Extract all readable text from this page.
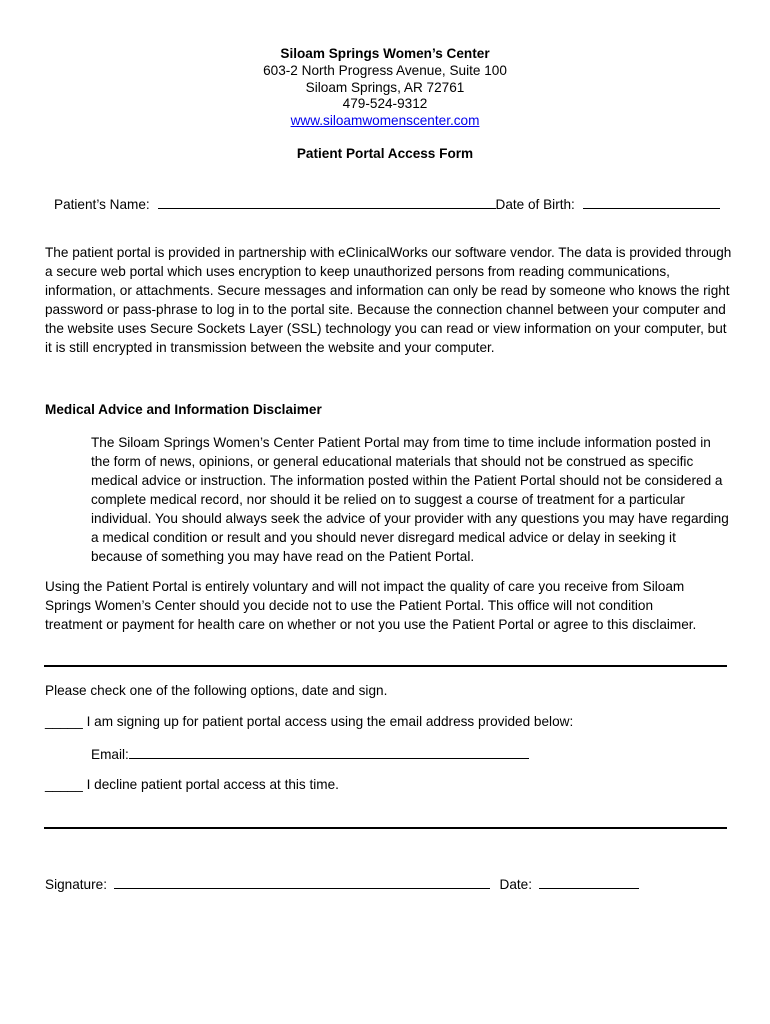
Siloam Springs Women’s Center
603-2 North Progress Avenue, Suite 100
Siloam Springs, AR 72761
479-524-9312
www.siloamwomenscenter.com
Patient Portal Access Form
Patient’s Name:	Date of Birth:
The patient portal is provided in partnership with eClinicalWorks our software vendor. The data is provided through a secure web portal which uses encryption to keep unauthorized persons from reading communications, information, or attachments. Secure messages and information can only be read by someone who knows the right password or pass-phrase to log in to the portal site. Because the connection channel between your computer and the website uses Secure Sockets Layer (SSL) technology you can read or view information on your computer, but it is still encrypted in transmission between the website and your computer.
Medical Advice and Information Disclaimer
The Siloam Springs Women’s Center Patient Portal may from time to time include information posted in the form of news, opinions, or general educational materials that should not be construed as specific medical advice or instruction. The information posted within the Patient Portal should not be considered a complete medical record, nor should it be relied on to suggest a course of treatment for a particular individual. You should always seek the advice of your provider with any questions you may have regarding a medical condition or result and you should never disregard medical advice or delay in seeking it because of something you may have read on the Patient Portal.
Using the Patient Portal is entirely voluntary and will not impact the quality of care you receive from Siloam Springs Women’s Center should you decide not to use the Patient Portal. This office will not condition treatment or payment for health care on whether or not you use the Patient Portal or agree to this disclaimer.
Please check one of the following options, date and sign.
_____ I am signing up for patient portal access using the email address provided below:
Email:
_____ I decline patient portal access at this time.
Signature:	Date:
